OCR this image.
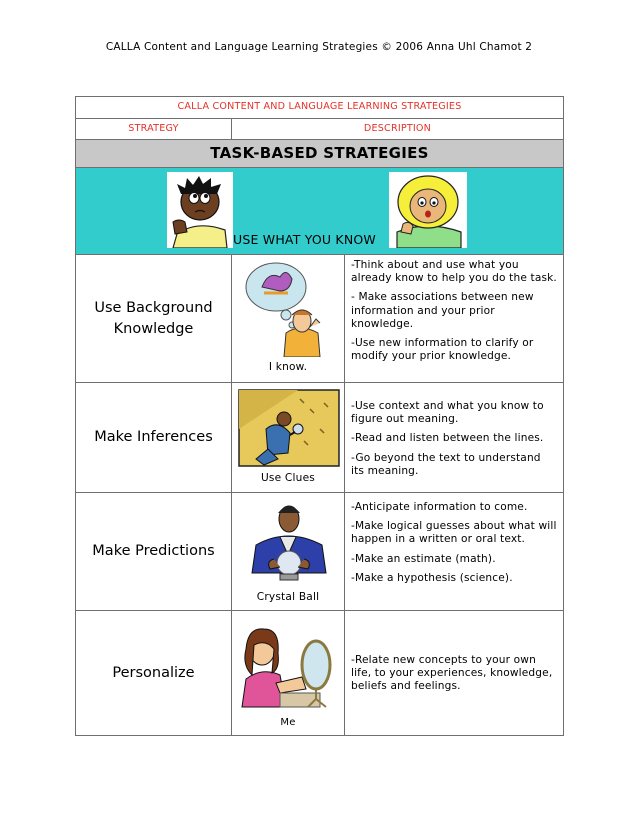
CALLA Content and Language Learning Strategies © 2006 Anna Uhl Chamot 2
CALLA CONTENT AND LANGUAGE LEARNING STRATEGIES
STRATEGY	DESCRIPTION
TASK-BASED STRATEGIES
USE WHAT YOU KNOW
Use Background Knowledge
I know.

-Think about and use what you already know to help you do the task.

- Make associations between new information and your prior knowledge.

-Use new information to clarify or modify your prior knowledge.

Make Inferences
Use Clues

-Use context and what you know to figure out meaning.

-Read and listen between the lines.

-Go beyond the text to understand its meaning.

Make Predictions
Crystal Ball

-Anticipate information to come.

-Make logical guesses about what will happen in a written or oral text.

-Make an estimate (math).

-Make a hypothesis (science).

Personalize
Me

-Relate new concepts to your own life, to your experiences, knowledge, beliefs and feelings.
